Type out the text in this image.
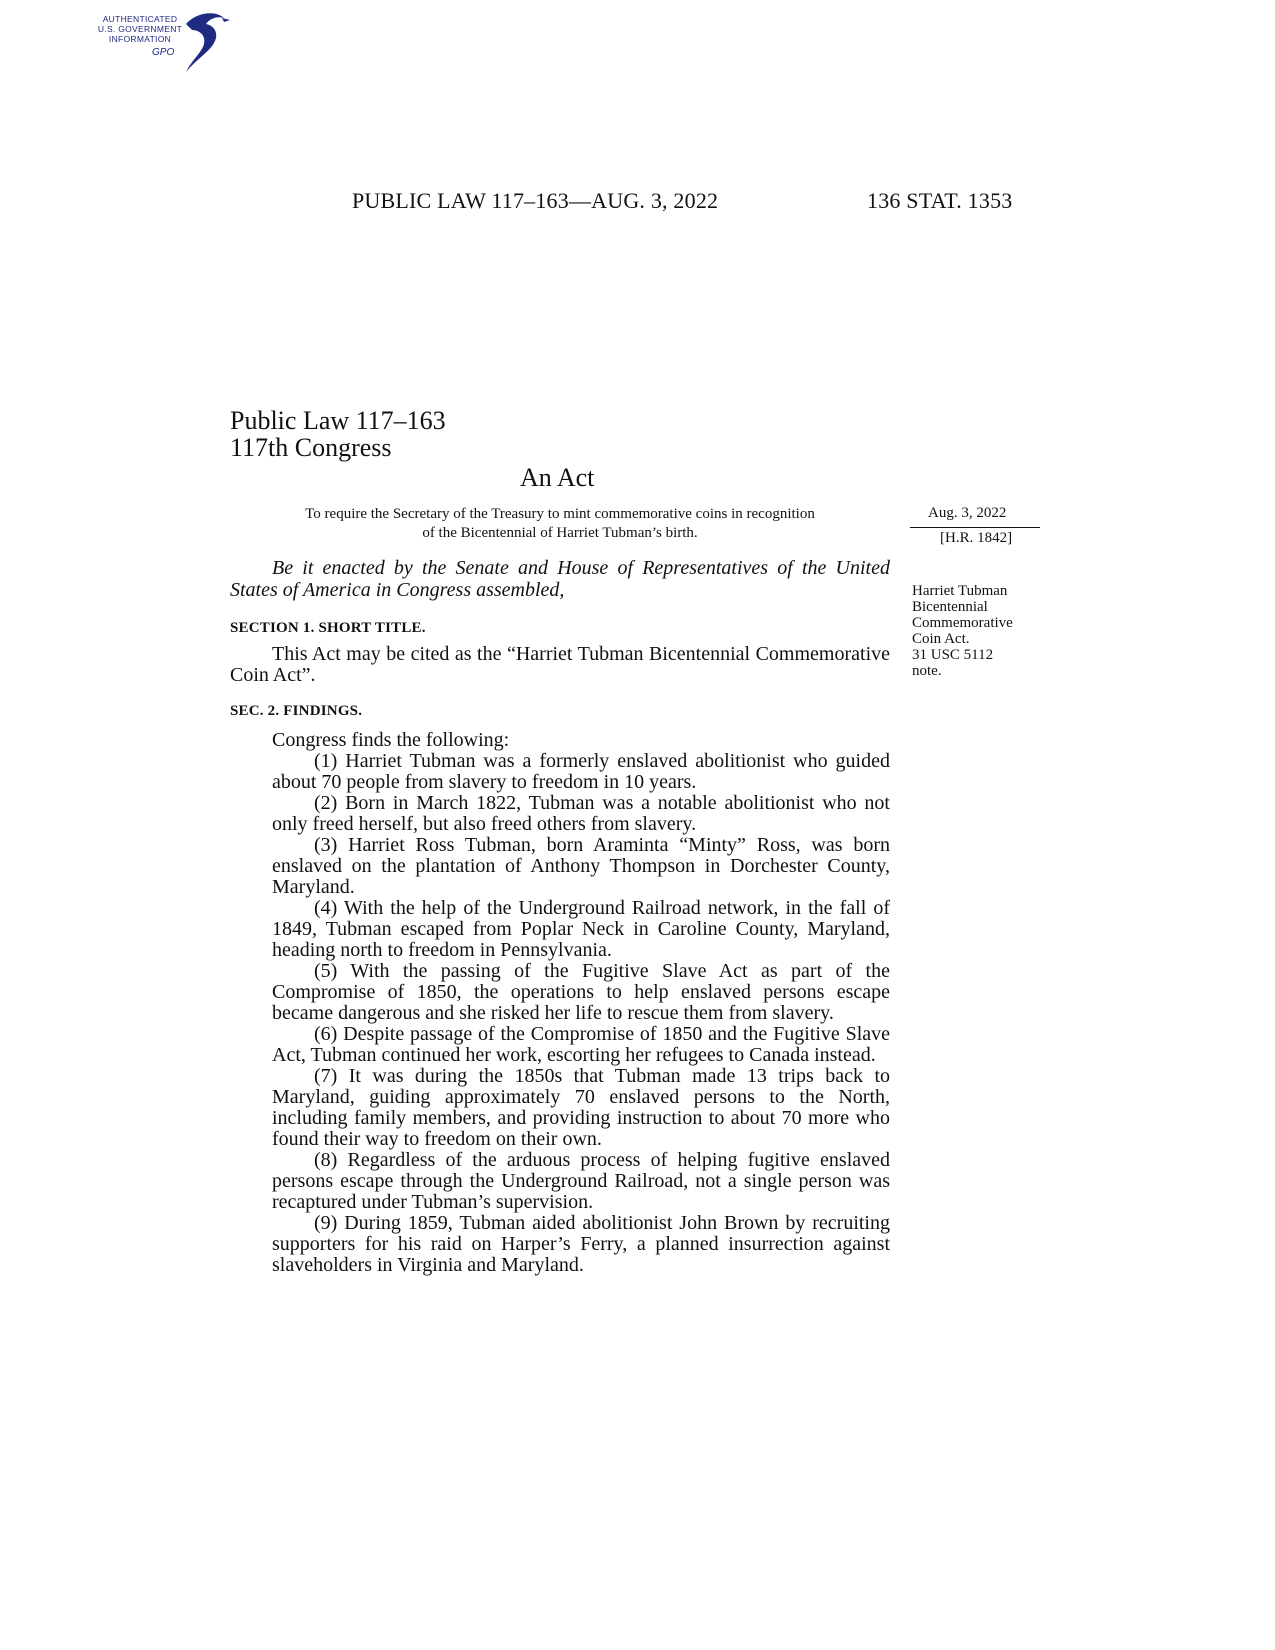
AUTHENTICATED
U.S. GOVERNMENT
INFORMATION
GPO
PUBLIC LAW 117–163—AUG. 3, 2022	136 STAT. 1353
Public Law 117–163
117th Congress
An Act
To require the Secretary of the Treasury to mint commemorative coins in recognition
of the Bicentennial of Harriet Tubman’s birth.
Aug. 3, 2022
[H.R. 1842]
Harriet Tubman
Bicentennial
Commemorative
Coin Act.
31 USC 5112
note.
Be it enacted by the Senate and House of Representatives of the United States of America in Congress assembled,
SECTION 1. SHORT TITLE.
This Act may be cited as the “Harriet Tubman Bicentennial Commemorative Coin Act”.
SEC. 2. FINDINGS.
Congress finds the following:

(1) Harriet Tubman was a formerly enslaved abolitionist who guided about 70 people from slavery to freedom in 10 years.

(2) Born in March 1822, Tubman was a notable abolitionist who not only freed herself, but also freed others from slavery.

(3) Harriet Ross Tubman, born Araminta “Minty” Ross, was born enslaved on the plantation of Anthony Thompson in Dorchester County, Maryland.

(4) With the help of the Underground Railroad network, in the fall of 1849, Tubman escaped from Poplar Neck in Caroline County, Maryland, heading north to freedom in Pennsylvania.

(5) With the passing of the Fugitive Slave Act as part of the Compromise of 1850, the operations to help enslaved persons escape became dangerous and she risked her life to rescue them from slavery.

(6) Despite passage of the Compromise of 1850 and the Fugitive Slave Act, Tubman continued her work, escorting her refugees to Canada instead.

(7) It was during the 1850s that Tubman made 13 trips back to Maryland, guiding approximately 70 enslaved persons to the North, including family members, and providing instruction to about 70 more who found their way to freedom on their own.

(8) Regardless of the arduous process of helping fugitive enslaved persons escape through the Underground Railroad, not a single person was recaptured under Tubman’s supervision.

(9) During 1859, Tubman aided abolitionist John Brown by recruiting supporters for his raid on Harper’s Ferry, a planned insurrection against slaveholders in Virginia and Maryland.
